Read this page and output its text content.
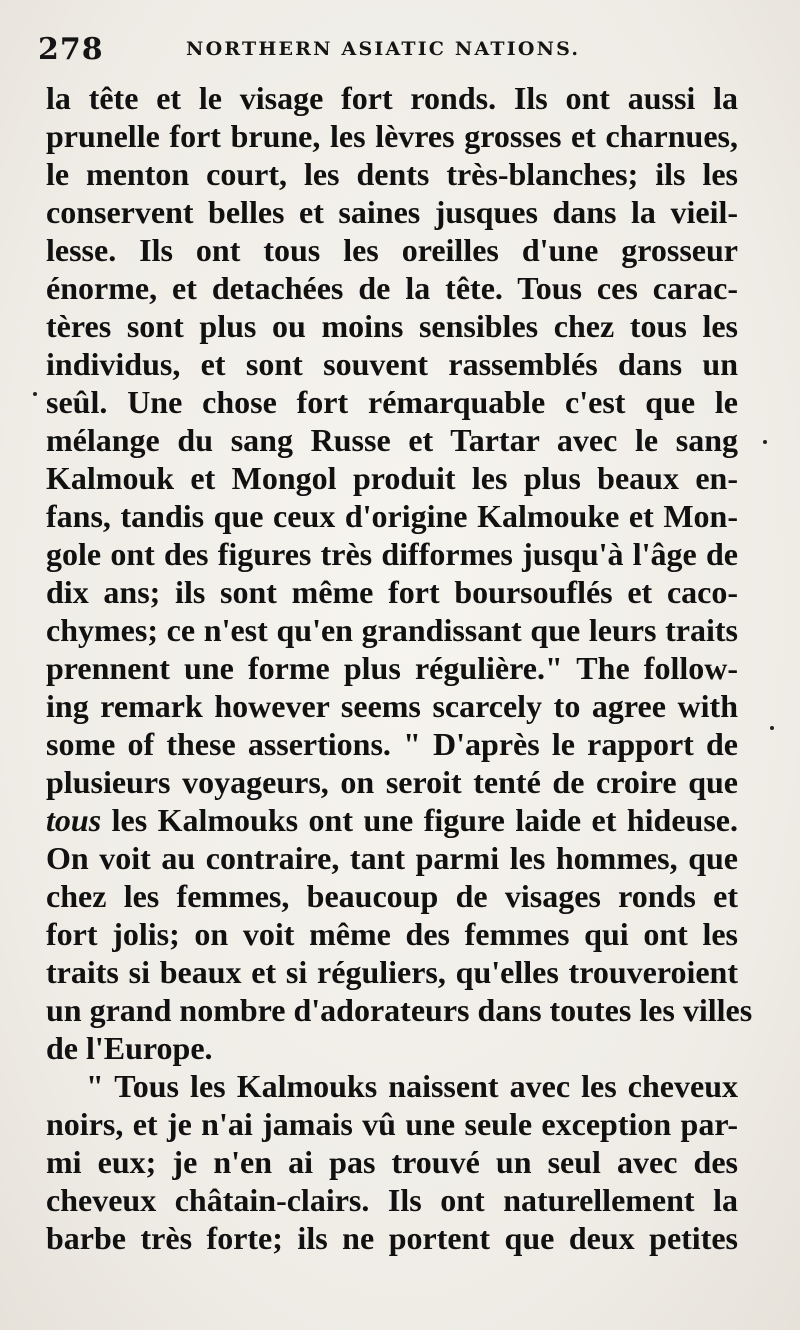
278	NORTHERN ASIATIC NATIONS.
la tête et le visage fort ronds. Ils ont aussi la
prunelle fort brune, les lèvres grosses et charnues,
le menton court, les dents très-blanches; ils les
conservent belles et saines jusques dans la vieil-
lesse. Ils ont tous les oreilles d'une grosseur
énorme, et detachées de la tête. Tous ces carac-
tères sont plus ou moins sensibles chez tous les
individus, et sont souvent rassemblés dans un
seûl. Une chose fort rémarquable c'est que le
mélange du sang Russe et Tartar avec le sang
Kalmouk et Mongol produit les plus beaux en-
fans, tandis que ceux d'origine Kalmouke et Mon-
gole ont des figures très difformes jusqu'à l'âge de
dix ans; ils sont même fort boursouflés et caco-
chymes; ce n'est qu'en grandissant que leurs traits
prennent une forme plus régulière." The follow-
ing remark however seems scarcely to agree with
some of these assertions. " D'après le rapport de
plusieurs voyageurs, on seroit tenté de croire que
tous les Kalmouks ont une figure laide et hideuse.
On voit au contraire, tant parmi les hommes, que
chez les femmes, beaucoup de visages ronds et
fort jolis; on voit même des femmes qui ont les
traits si beaux et si réguliers, qu'elles trouveroient
un grand nombre d'adorateurs dans toutes les villes
de l'Europe.
" Tous les Kalmouks naissent avec les cheveux
noirs, et je n'ai jamais vû une seule exception par-
mi eux; je n'en ai pas trouvé un seul avec des
cheveux châtain-clairs. Ils ont naturellement la
barbe très forte; ils ne portent que deux petites
